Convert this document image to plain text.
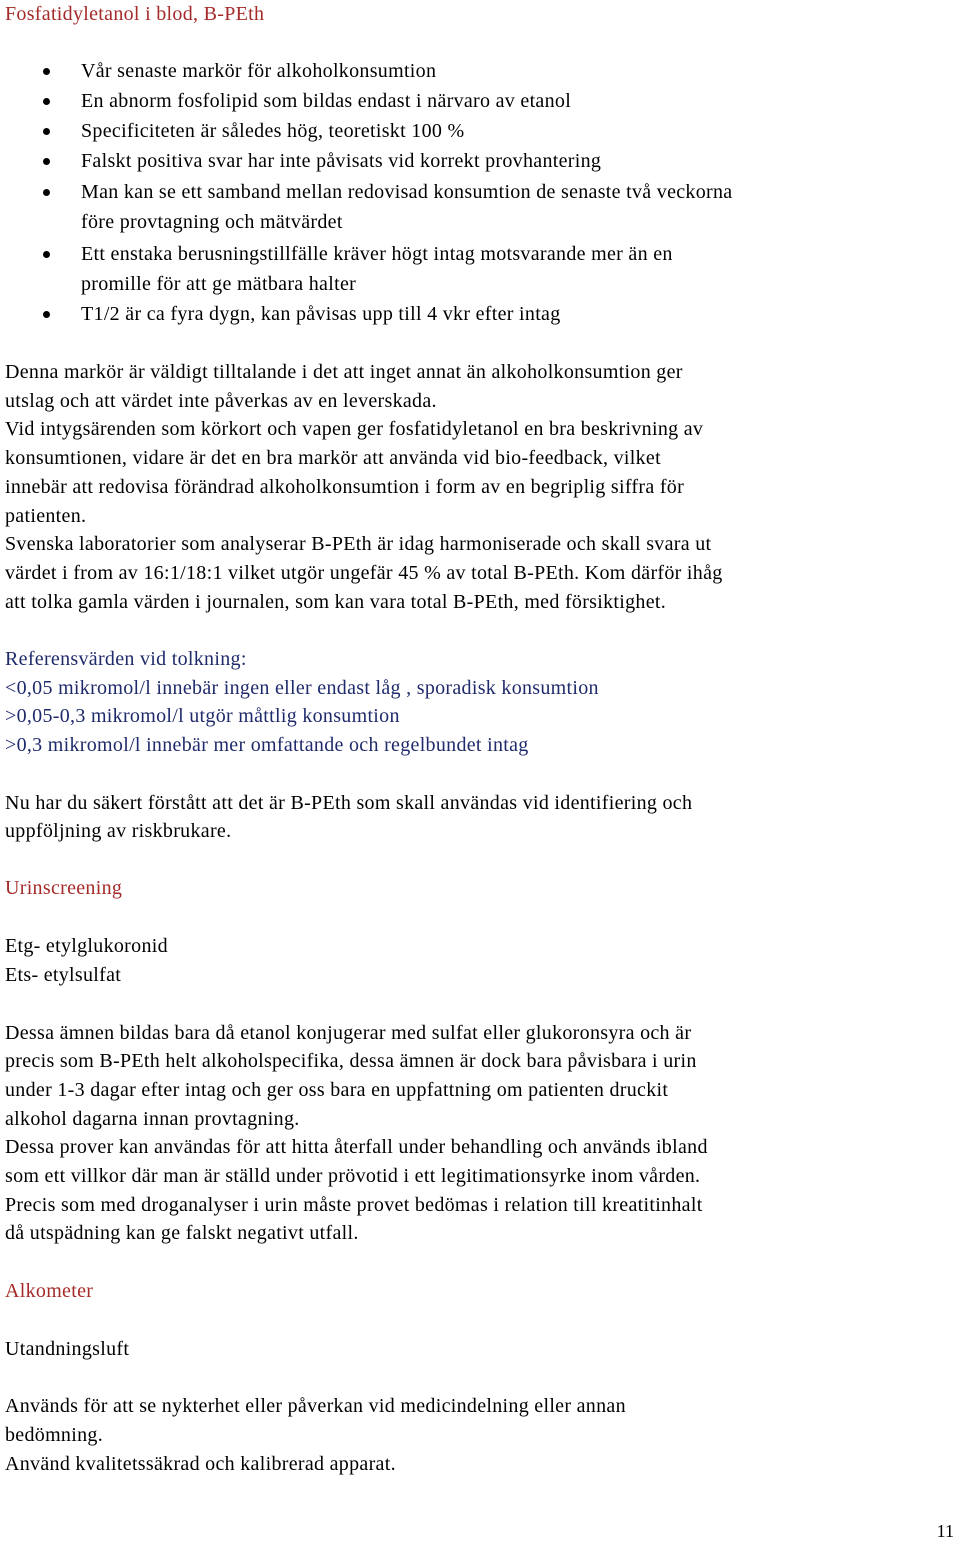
Fosfatidyletanol i blod, B-PEth
Vår senaste markör för alkoholkonsumtion
En abnorm fosfolipid som bildas endast i närvaro av etanol
Specificiteten är således hög, teoretiskt 100 %
Falskt positiva svar har inte påvisats vid korrekt provhantering
Man kan se ett samband mellan redovisad konsumtion de senaste två veckorna
före provtagning och mätvärdet
Ett enstaka berusningstillfälle kräver högt intag motsvarande mer än en
promille för att ge mätbara halter
T1/2 är ca fyra dygn, kan påvisas upp till 4 vkr efter intag
Denna markör är väldigt tilltalande i det att inget annat än alkoholkonsumtion ger
utslag och att värdet inte påverkas av en leverskada.
Vid intygsärenden som körkort och vapen ger fosfatidyletanol en bra beskrivning av
konsumtionen, vidare är det en bra markör att använda vid bio-feedback, vilket
innebär att redovisa förändrad alkoholkonsumtion i form av en begriplig siffra för
patienten.
Svenska laboratorier som analyserar B-PEth är idag harmoniserade och skall svara ut
värdet i from av 16:1/18:1 vilket utgör ungefär 45 % av total B-PEth. Kom därför ihåg
att tolka gamla värden i journalen, som kan vara total B-PEth, med försiktighet.
Referensvärden vid tolkning:
<0,05 mikromol/l innebär ingen eller endast låg , sporadisk konsumtion
>0,05-0,3 mikromol/l utgör måttlig konsumtion
>0,3 mikromol/l innebär mer omfattande och regelbundet intag
Nu har du säkert förstått att det är B-PEth som skall användas vid identifiering och
uppföljning av riskbrukare.
Urinscreening
Etg- etylglukoronid
Ets- etylsulfat
Dessa ämnen bildas bara då etanol konjugerar med sulfat eller glukoronsyra och är
precis som B-PEth helt alkoholspecifika, dessa ämnen är dock bara påvisbara i urin
under 1-3 dagar efter intag och ger oss bara en uppfattning om patienten druckit
alkohol dagarna innan provtagning.
Dessa prover kan användas för att hitta återfall under behandling och används ibland
som ett villkor där man är ställd under prövotid i ett legitimationsyrke inom vården.
Precis som med droganalyser i urin måste provet bedömas i relation till kreatitinhalt
då utspädning kan ge falskt negativt utfall.
Alkometer
Utandningsluft
Används för att se nykterhet eller påverkan vid medicindelning eller annan
bedömning.
Använd kvalitetssäkrad och kalibrerad apparat.
11
